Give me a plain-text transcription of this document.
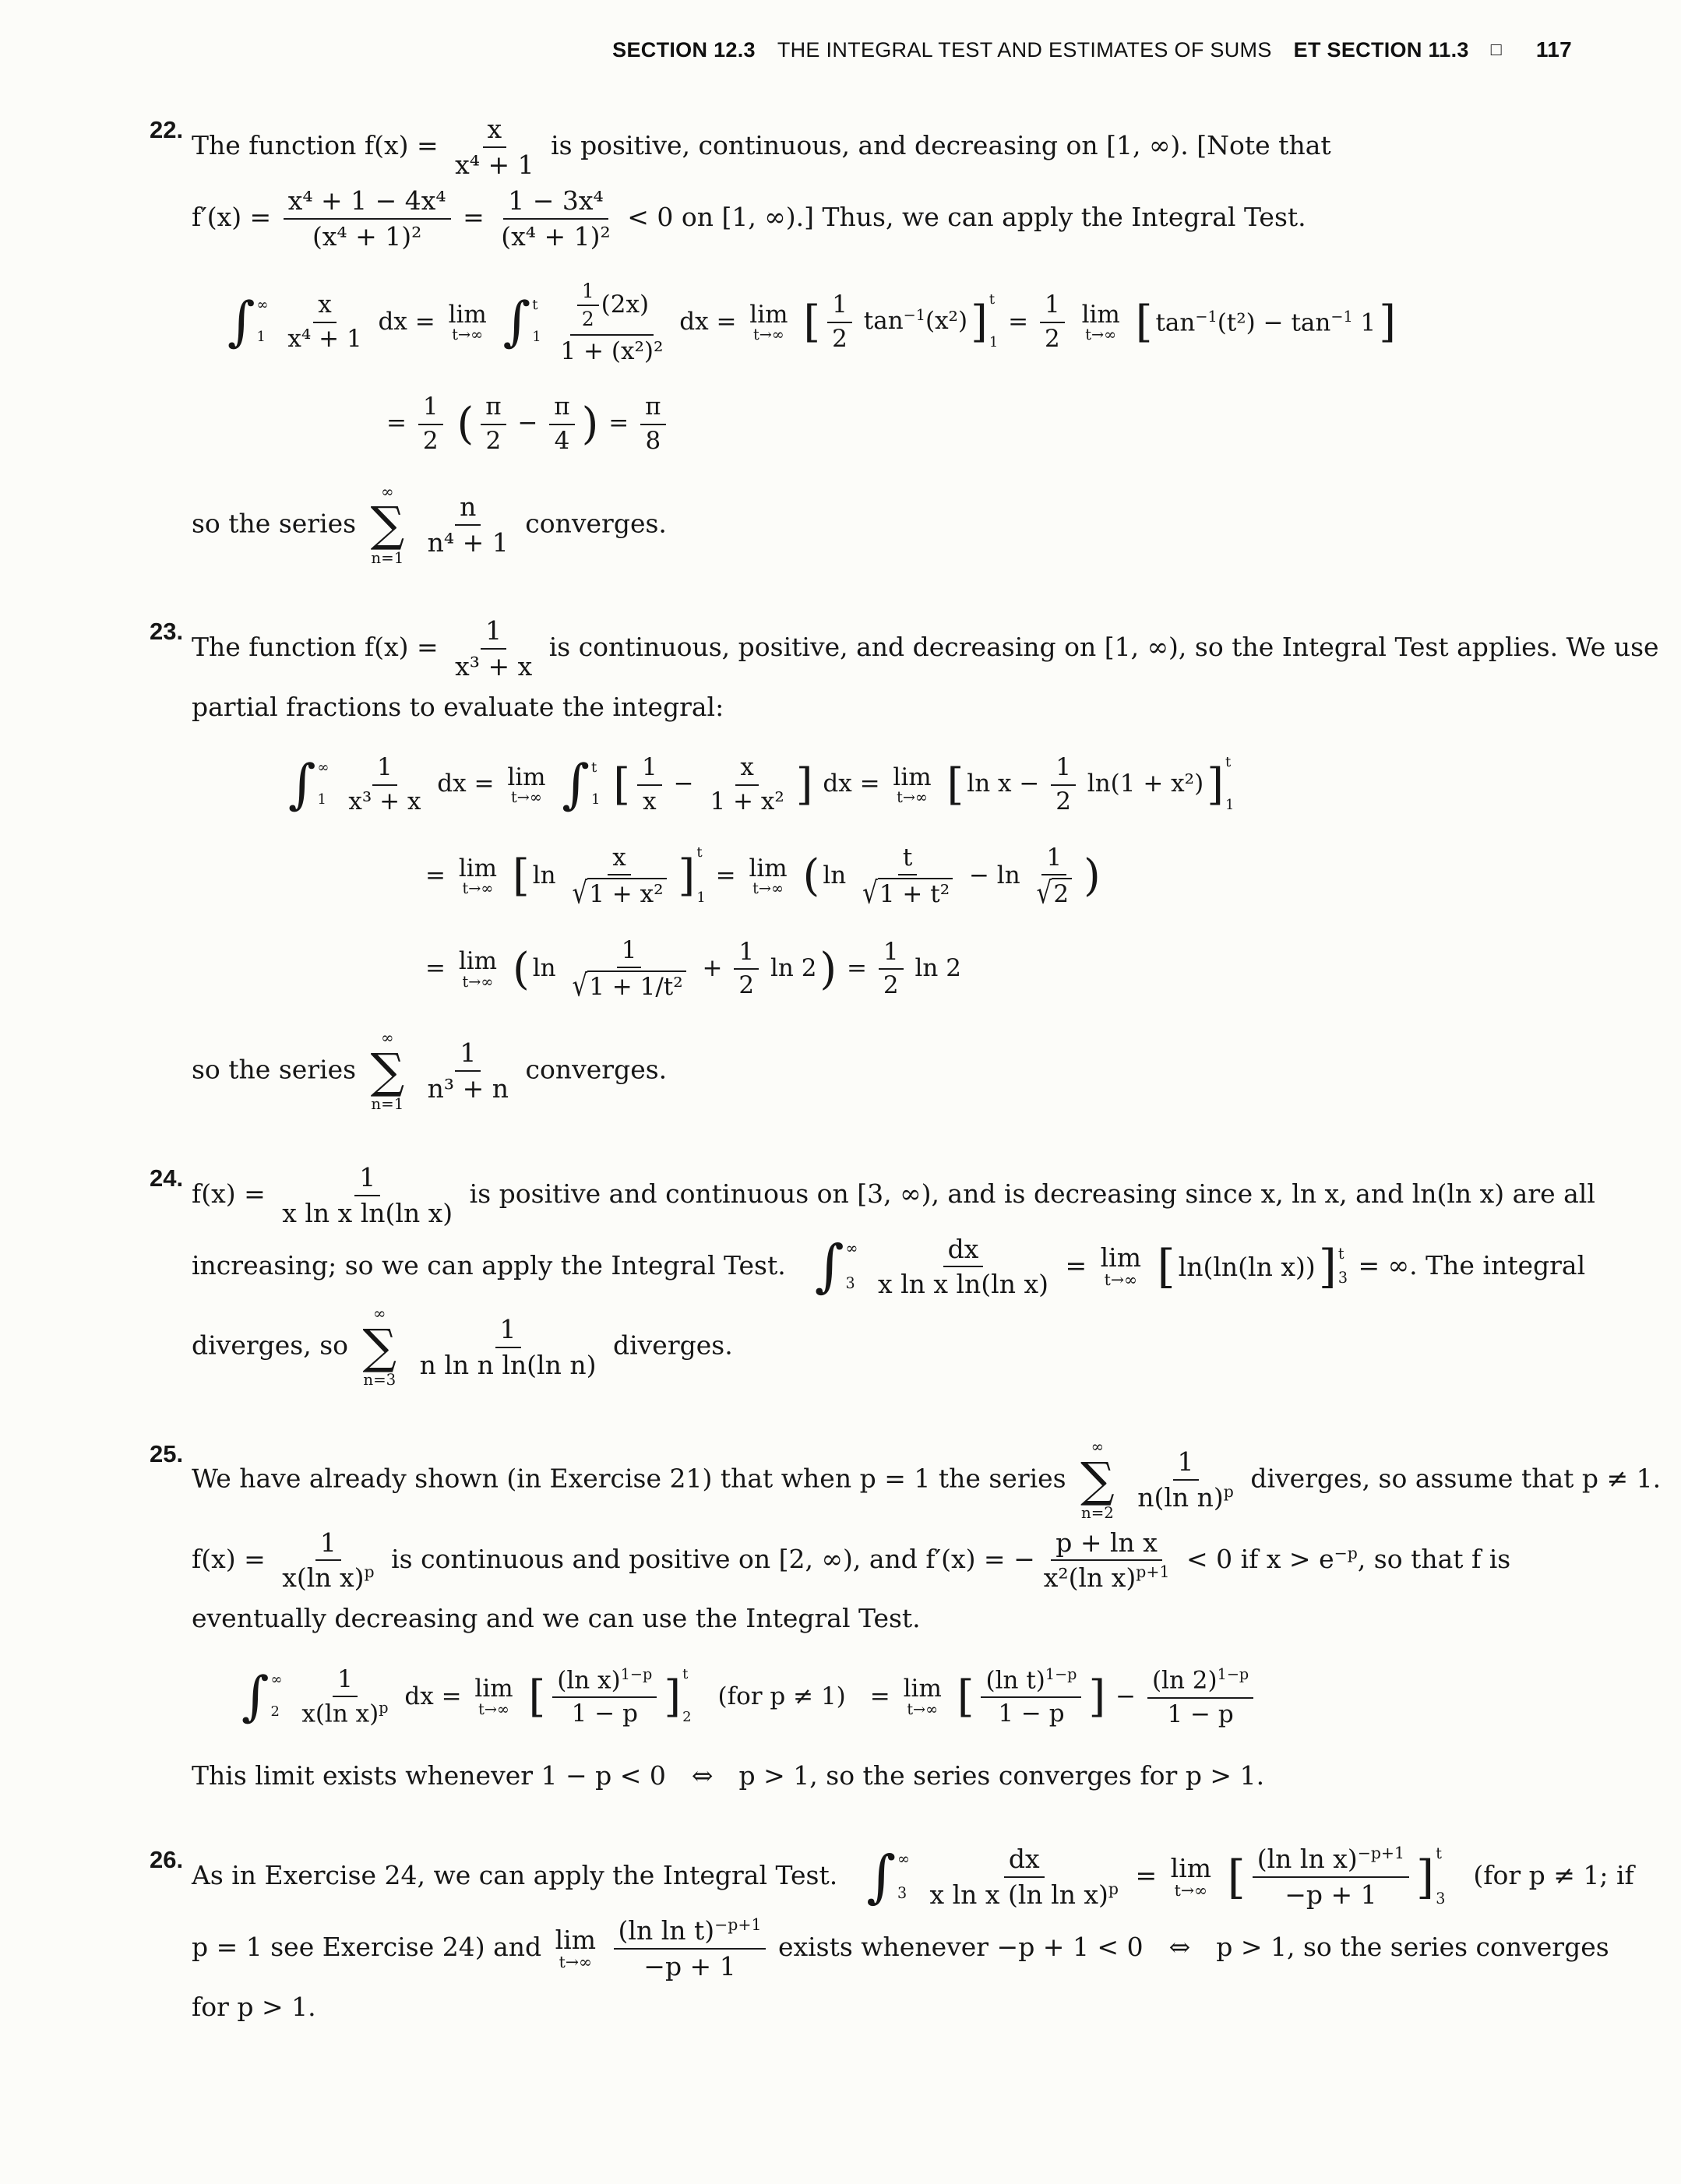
SECTION 12.3 THE INTEGRAL TEST AND ESTIMATES OF SUMS ET SECTION 11.3 □ 117
22.
The function $f(x) = \frac{x}{\text{x⁴ + 1}}$ is positive, continuous, and decreasing on [1, ∞). [Note that
$f'(x) = \frac{\text{x⁴ + 1 − 4x⁴}}{\text{(x⁴ + 1)²}} = \frac{\text{1 − 3x⁴}}{\text{(x⁴ + 1)²}} < 0$ on [1, ∞).] Thus, we can apply the Integral Test.
∫ ∞
1
$\frac{x}{\text{x⁴ + 1}}$ dx = lim
t→∞
∫ t
1
$\frac{\frac{1}{2} (2x)}{\text{1 + (x²)²}}$ dx = lim
t→∞
[ $\frac{1}{2} \tan^{-1}(x^2)$ ] t
1
= $\frac{1}{2}$
lim
t→∞
[ $\tan^{-1}(t^2) - \tan^{-1} 1$ ]
= $\frac{1}{2}$
( $\frac{\pi}{2} - \frac{\pi}{4}$ ) = $\frac{\pi}{8}$
so the series
∞
∑
n=1
$\frac{n}{\text{n⁴ + 1}}$ converges.
23.
The function $f(x) = \frac{1}{\text{x³ + x}}$ is continuous, positive, and decreasing on [1, ∞), so the Integral Test applies. We use
partial fractions to evaluate the integral:
∫ ∞
1
$\frac{1}{\text{x³ + x}}$ dx = lim
t→∞
∫ t
1
[ $\frac{1}{x} - \frac{x}{\text{1 + x²}}$ ] dx = lim
t→∞
[ $\ln x - \frac{1}{2} \ln(1 + x^2)$ ] t
1
= lim
t→∞
[ $\ln \frac{x}{\text{√ 1 + x²}}$ ] t
1
= lim
t→∞
( $\ln \frac{t}{\text{√ 1 + t²}} - \ln \frac{1}{√ 2}$ )
= lim
t→∞
( $\ln \frac{1}{\text{√ 1 + 1/t²}} + \frac{1}{2}$ ln 2 ) = $\frac{1}{2}$ ln 2
so the series
∞
∑
n=1
$\frac{1}{\text{n³ + n}}$ converges.
24.
$f(x) = \frac{1}{\text{x ln x ln(ln x)}}$ is positive and continuous on [3, ∞), and is decreasing since x, ln x, and ln(ln x) are all
increasing; so we can apply the Integral Test.  ∫ ∞
3
$\frac{dx}{\text{x ln x ln(ln x)}} = \lim$
t→∞
[ ln(ln(ln x)) ] t
3 = ∞. The integral
diverges, so
∞
∑
n=3
$\frac{1}{\text{n ln n ln(ln n)}}$ diverges.
25.
We have already shown (in Exercise 21) that when p = 1 the series
∞
∑
n=2
$\frac{1}{n(\ln n)^p}$ diverges, so assume that p ≠ 1.
$f(x) = \frac{1}{x(\ln x)^p}$ is continuous and positive on [2, ∞), and f′(x) = − $\frac{\text{p + ln x}}{x^2(\ln x)^{p+1}} < 0$ if $x > e^{-p}$, so that f is
eventually decreasing and we can use the Integral Test.
∫ ∞
2
$\frac{1}{x(\ln x)^p}$ dx = lim
t→∞
[ $\frac{(\ln x)^{1-p}}{1 - p}$ ] t
2
 (for p ≠ 1) = lim
t→∞
[ $\frac{(\ln t)^{1-p}}{1 - p}$ ] − $\frac{(\ln 2)^{1-p}}{1 - p}$
This limit exists whenever 1 − p < 0 ⇔ p > 1, so the series converges for p > 1.
26.
As in Exercise 24, we can apply the Integral Test.  ∫ ∞
3
$\frac{dx}{x \ln x (\ln \ln x)^p} = \lim$
t→∞
[ $\frac{(\ln \ln x)^{-p+1}}{-p + 1}$ ] t
3
 (for p ≠ 1; if
p = 1 see Exercise 24) and lim
t→∞
$\frac{(\ln \ln t)^{-p+1}}{-p + 1}$ exists whenever −p + 1 < 0 ⇔ p > 1, so the series converges
for p > 1.
